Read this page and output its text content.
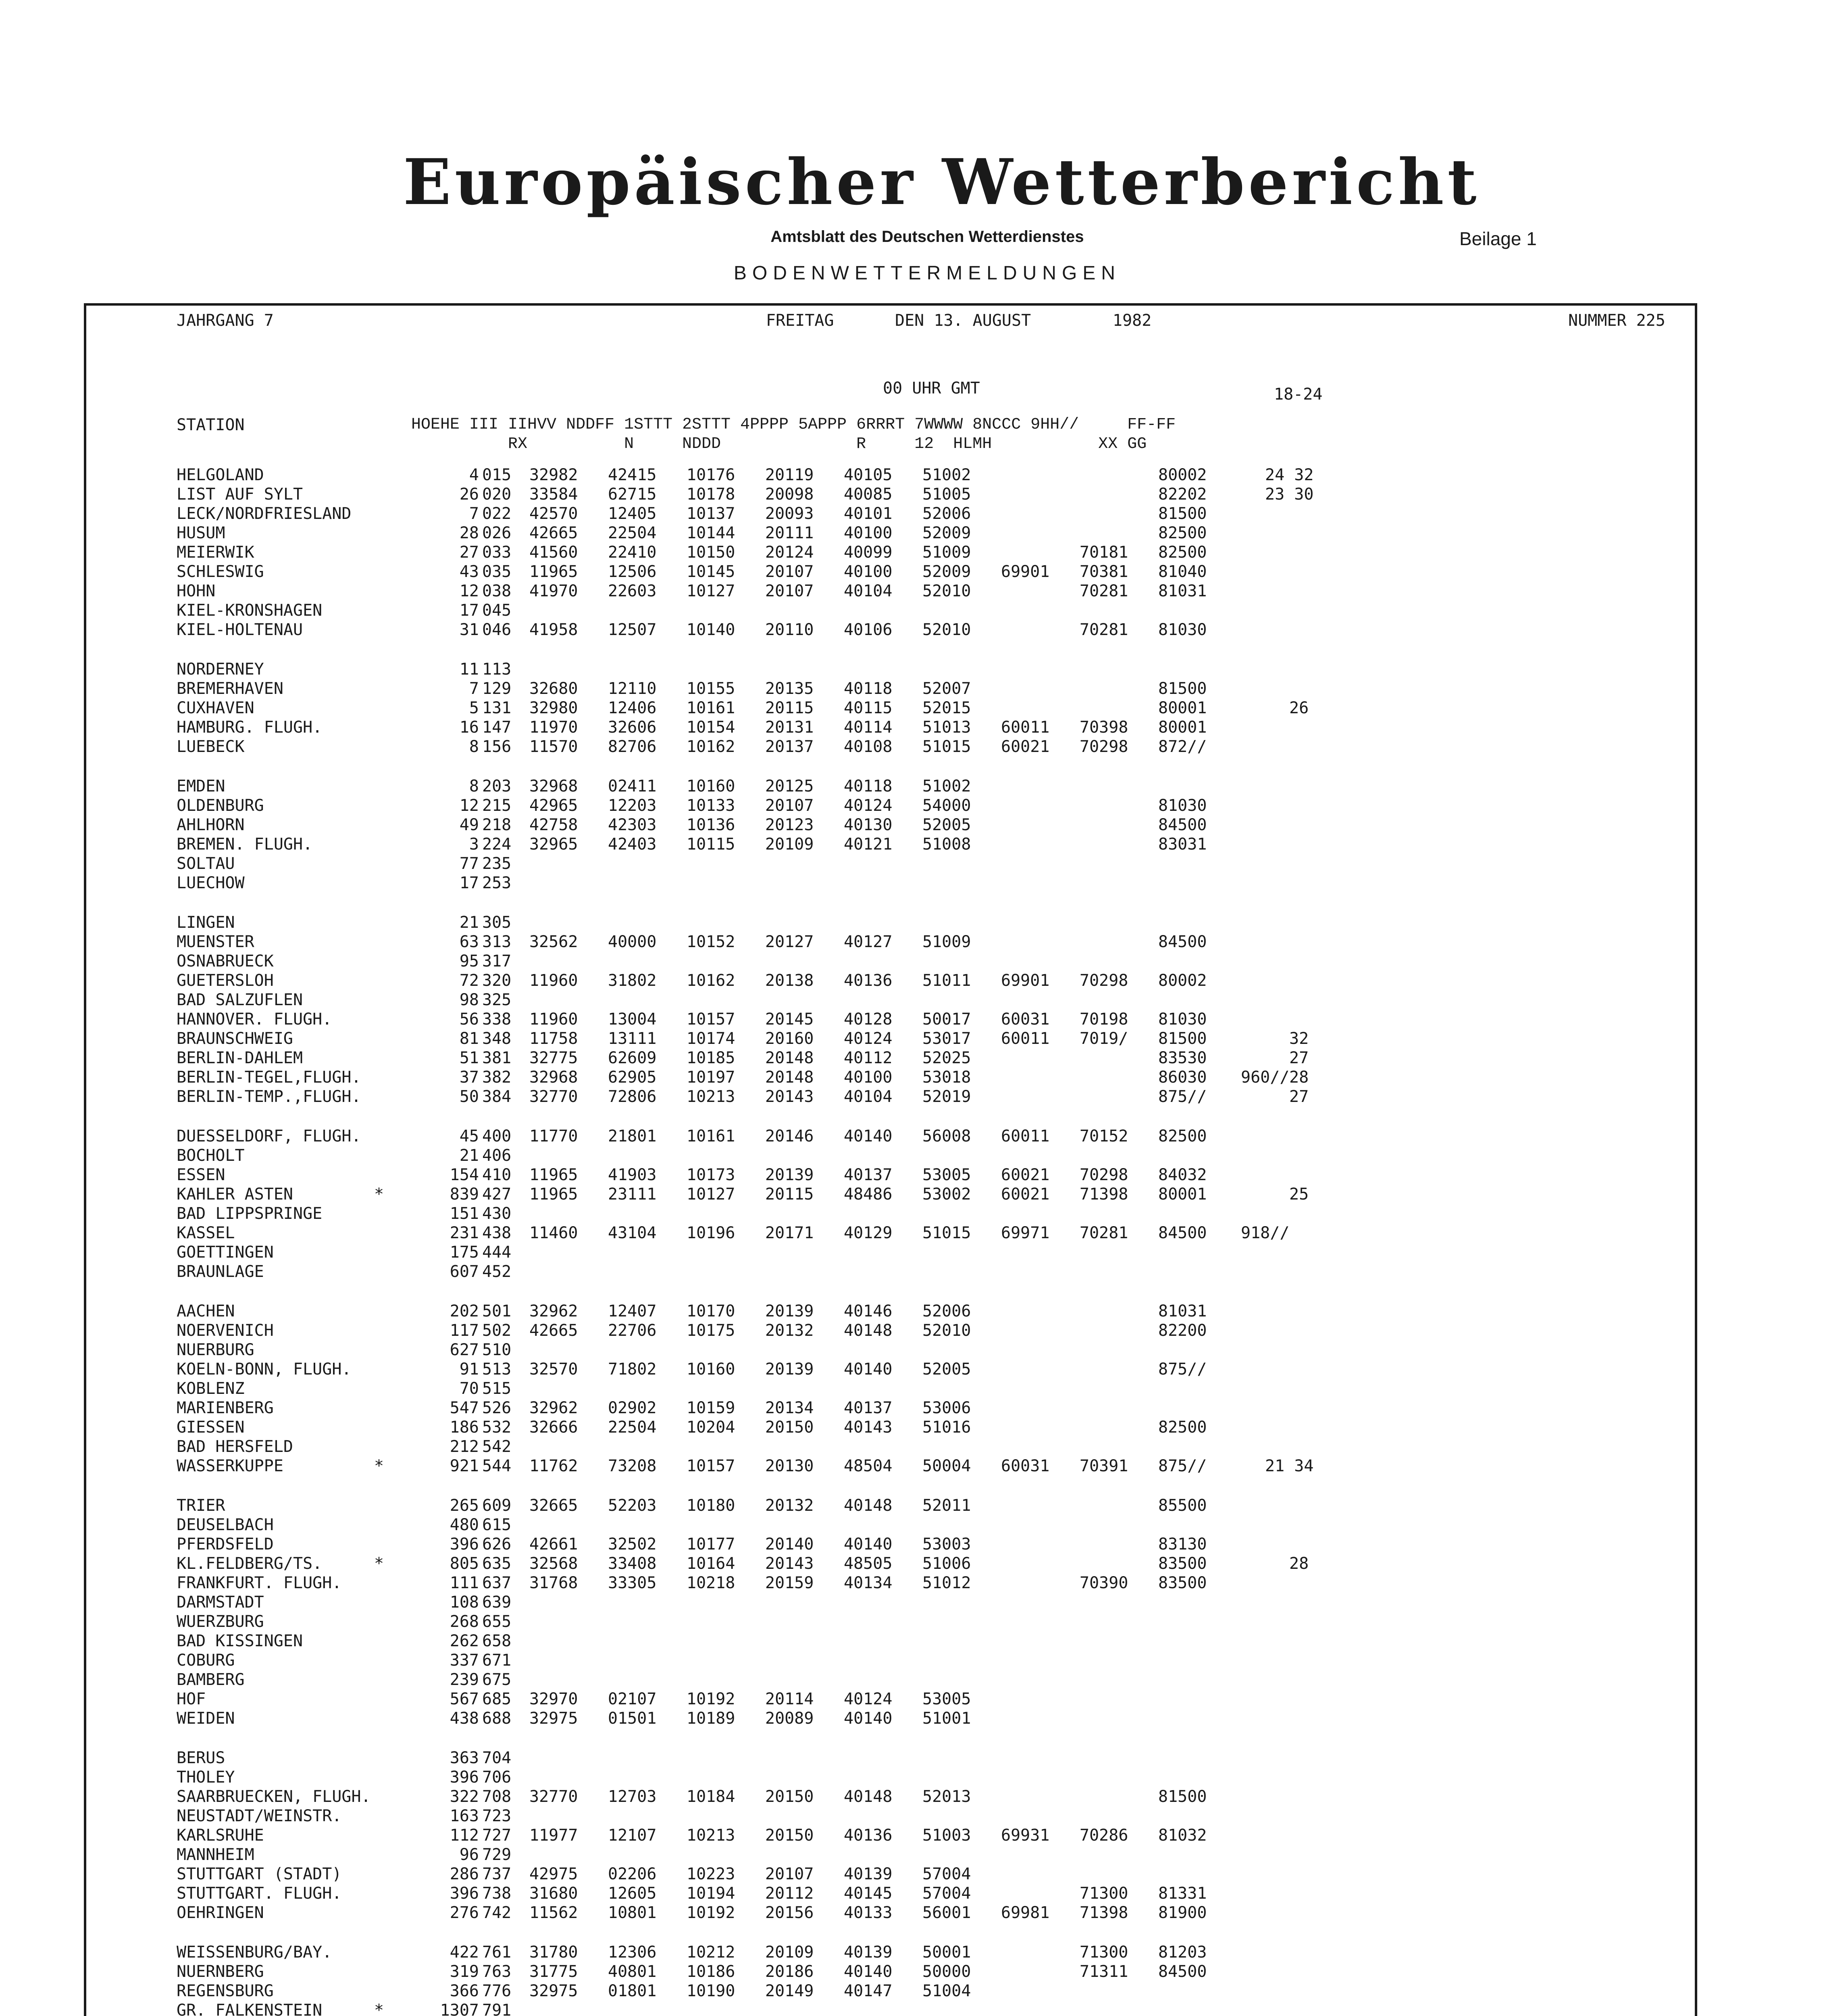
Europäischer Wetterbericht
Amtsblatt des Deutschen Wetterdienstes	Beilage 1
BODENWETTERMELDUNGEN
JAHRGANG 7	FREITAG	DEN 13. AUGUST	1982	NUMMER 225
00 UHR GMT	18-24
STATION	HOEHE III IIHVV NDDFF 1STTT 2STTT 4PPPP 5APPP 6RRRT 7WWWW 8NCCC 9HH//     FF-FF
RX          N     NDDD              R     12  HLMH           XX GG
HELGOLAND	4 015 32982 42415 10176 20119 40105 51002	80002	24 32
LIST AUF SYLT	26 020 33584 62715 10178 20098 40085 51005	82202	23 30
LECK/NORDFRIESLAND	7 022 42570 12405 10137 20093 40101 52006	81500
HUSUM	28 026 42665 22504 10144 20111 40100 52009	82500
MEIERWIK	27 033 41560 22410 10150 20124 40099 51009	70181 82500
SCHLESWIG	43 035 11965 12506 10145 20107 40100 52009 69901 70381 81040
HOHN	12 038 41970 22603 10127 20107 40104 52010	70281 81031
KIEL-KRONSHAGEN	17 045
KIEL-HOLTENAU	31 046 41958 12507 10140 20110 40106 52010	70281 81030
NORDERNEY	11 113
BREMERHAVEN	7 129 32680 12110 10155 20135 40118 52007	81500
CUXHAVEN	5 131 32980 12406 10161 20115 40115 52015	80001	26
HAMBURG. FLUGH.	16 147 11970 32606 10154 20131 40114 51013 60011 70398 80001
LUEBECK	8 156 11570 82706 10162 20137 40108 51015 60021 70298 872//
EMDEN	8 203 32968 02411 10160 20125 40118 51002
OLDENBURG	12 215 42965 12203 10133 20107 40124 54000	81030
AHLHORN	49 218 42758 42303 10136 20123 40130 52005	84500
BREMEN. FLUGH.	3 224 32965 42403 10115 20109 40121 51008	83031
SOLTAU	77 235
LUECHOW	17 253
LINGEN	21 305
MUENSTER	63 313 32562 40000 10152 20127 40127 51009	84500
OSNABRUECK	95 317
GUETERSLOH	72 320 11960 31802 10162 20138 40136 51011 69901 70298 80002
BAD SALZUFLEN	98 325
HANNOVER. FLUGH.	56 338 11960 13004 10157 20145 40128 50017 60031 70198 81030
BRAUNSCHWEIG	81 348 11758 13111 10174 20160 40124 53017 60011 7019/ 81500	32
BERLIN-DAHLEM	51 381 32775 62609 10185 20148 40112 52025	83530	27
BERLIN-TEGEL,FLUGH.	37 382 32968 62905 10197 20148 40100 53018	86030 960// 28
BERLIN-TEMP.,FLUGH.	50 384 32770 72806 10213 20143 40104 52019	875//	27
DUESSELDORF, FLUGH.	45 400 11770 21801 10161 20146 40140 56008 60011 70152 82500
BOCHOLT	21 406
ESSEN	154 410 11965 41903 10173 20139 40137 53005 60021 70298 84032
KAHLER ASTEN	*	839 427 11965 23111 10127 20115 48486 53002 60021 71398 80001	25
BAD LIPPSPRINGE	151 430
KASSEL	231 438 11460 43104 10196 20171 40129 51015 69971 70281 84500 918//
GOETTINGEN	175 444
BRAUNLAGE	607 452
AACHEN	202 501 32962 12407 10170 20139 40146 52006	81031
NOERVENICH	117 502 42665 22706 10175 20132 40148 52010	82200
NUERBURG	627 510
KOELN-BONN, FLUGH.	91 513 32570 71802 10160 20139 40140 52005	875//
KOBLENZ	70 515
MARIENBERG	547 526 32962 02902 10159 20134 40137 53006
GIESSEN	186 532 32666 22504 10204 20150 40143 51016	82500
BAD HERSFELD	212 542
WASSERKUPPE	*	921 544 11762 73208 10157 20130 48504 50004 60031 70391 875//	21 34
TRIER	265 609 32665 52203 10180 20132 40148 52011	85500
DEUSELBACH	480 615
PFERDSFELD	396 626 42661 32502 10177 20140 40140 53003	83130
KL.FELDBERG/TS.	*	805 635 32568 33408 10164 20143 48505 51006	83500	28
FRANKFURT. FLUGH.	111 637 31768 33305 10218 20159 40134 51012	70390 83500
DARMSTADT	108 639
WUERZBURG	268 655
BAD KISSINGEN	262 658
COBURG	337 671
BAMBERG	239 675
HOF	567 685 32970 02107 10192 20114 40124 53005
WEIDEN	438 688 32975 01501 10189 20089 40140 51001
BERUS	363 704
THOLEY	396 706
SAARBRUECKEN, FLUGH.	322 708 32770 12703 10184 20150 40148 52013	81500
NEUSTADT/WEINSTR.	163 723
KARLSRUHE	112 727 11977 12107 10213 20150 40136 51003 69931 70286 81032
MANNHEIM	96 729
STUTTGART (STADT)	286 737 42975 02206 10223 20107 40139 57004
STUTTGART. FLUGH.	396 738 31680 12605 10194 20112 40145 57004	71300 81331
OEHRINGEN	276 742 11562 10801 10192 20156 40133 56001 69981 71398 81900
WEISSENBURG/BAY.	422 761 31780 12306 10212 20109 40139 50001	71300 81203
NUERNBERG	319 763 31775 40801 10186 20186 40140 50000	71311 84500
REGENSBURG	366 776 32975 01801 10190 20149 40147 51004
GR. FALKENSTEIN	*	1307 791
